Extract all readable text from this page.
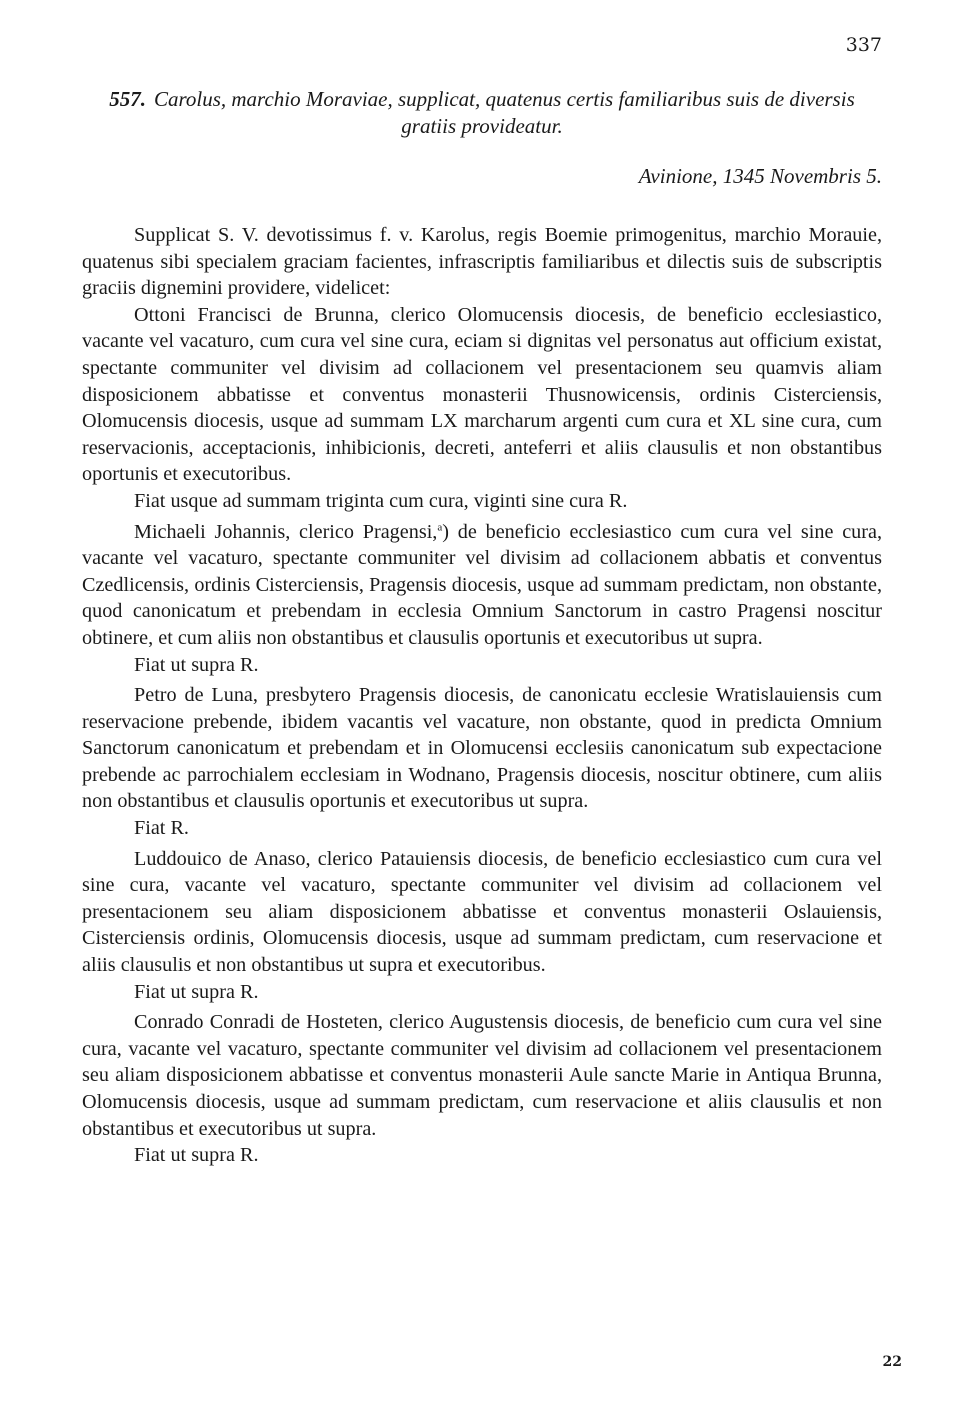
337
557. Carolus, marchio Moraviae, supplicat, quatenus certis familiaribus suis de diversis gratiis provideatur.
Avinione, 1345 Novembris 5.

Supplicat S. V. devotissimus f. v. Karolus, regis Boemie primogenitus, marchio Morauie, quatenus sibi specialem graciam facientes, infrascriptis familiaribus et dilectis suis de subscriptis graciis dignemini providere, videlicet:

Ottoni Francisci de Brunna, clerico Olomucensis diocesis, de beneficio ecclesiastico, vacante vel vacaturo, cum cura vel sine cura, eciam si dignitas vel personatus aut officium existat, spectante communiter vel divisim ad collacionem vel presentacionem seu quamvis aliam disposicionem abbatisse et conventus monasterii Thusnowicensis, ordinis Cisterciensis, Olomucensis diocesis, usque ad summam LX marcharum argenti cum cura et XL sine cura, cum reservacionis, acceptacionis, inhibicionis, decreti, anteferri et aliis clausulis et non obstantibus oportunis et executoribus.

Fiat usque ad summam triginta cum cura, viginti sine cura R.

Michaeli Johannis, clerico Pragensi,$^a$) de beneficio ecclesiastico cum cura vel sine cura, vacante vel vacaturo, spectante communiter vel divisim ad collacionem abbatis et conventus Czedlicensis, ordinis Cisterciensis, Pragensis diocesis, usque ad summam predictam, non obstante, quod canonicatum et prebendam in ecclesia Omnium Sanctorum in castro Pragensi noscitur obtinere, et cum aliis non obstantibus et clausulis oportunis et executoribus ut supra.

Fiat ut supra R.

Petro de Luna, presbytero Pragensis diocesis, de canonicatu ecclesie Wratislauiensis cum reservacione prebende, ibidem vacantis vel vacature, non obstante, quod in predicta Omnium Sanctorum canonicatum et prebendam et in Olomucensi ecclesiis canonicatum sub expectacione prebende ac parrochialem ecclesiam in Wodnano, Pragensis diocesis, noscitur obtinere, cum aliis non obstantibus et clausulis oportunis et executoribus ut supra.

Fiat R.

Luddouico de Anaso, clerico Patauiensis diocesis, de beneficio ecclesiastico cum cura vel sine cura, vacante vel vacaturo, spectante communiter vel divisim ad collacionem vel presentacionem seu aliam disposicionem abbatisse et conventus monasterii Oslauiensis, Cisterciensis ordinis, Olomucensis diocesis, usque ad summam predictam, cum reservacione et aliis clausulis et non obstantibus ut supra et executoribus.

Fiat ut supra R.

Conrado Conradi de Hosteten, clerico Augustensis diocesis, de beneficio cum cura vel sine cura, vacante vel vacaturo, spectante communiter vel divisim ad collacionem vel presentacionem seu aliam disposicionem abbatisse et conventus monasterii Aule sancte Marie in Antiqua Brunna, Olomucensis diocesis, usque ad summam predictam, cum reservacione et aliis clausulis et non obstantibus et executoribus ut supra.

Fiat ut supra R.

22
